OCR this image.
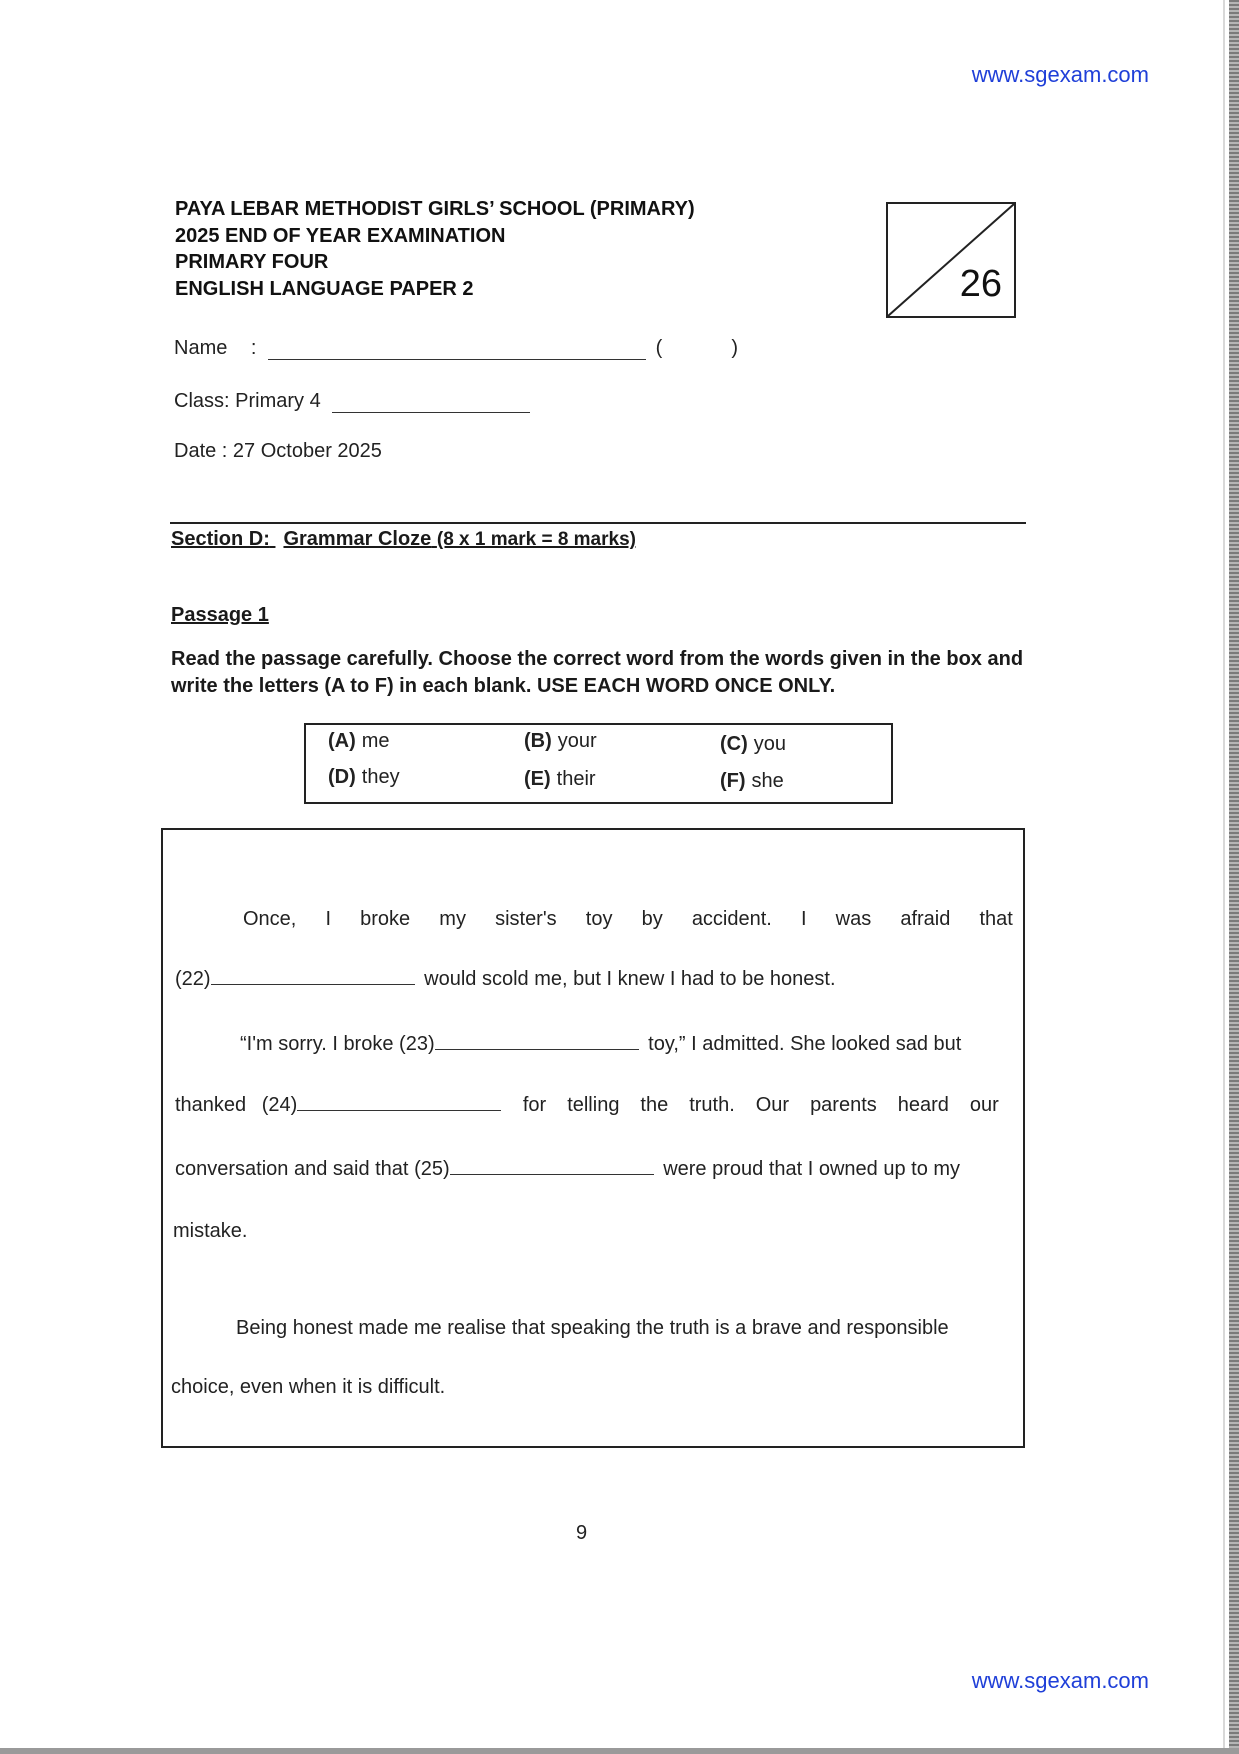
www.sgexam.com
PAYA LEBAR METHODIST GIRLS’ SCHOOL (PRIMARY)
2025 END OF YEAR EXAMINATION
PRIMARY FOUR
ENGLISH LANGUAGE PAPER 2	26
Name :	(	)
Class: Primary 4
Date : 27 October 2025
Section D: Grammar Cloze (8 x 1 mark = 8 marks)
Passage 1
Read the passage carefully. Choose the correct word from the words given in the box and write the letters (A to F) in each blank. USE EACH WORD ONCE ONLY.
(A) me	(B) your	(C) you
(D) they	(E) their	(F) she
Once, I broke my sister's toy by accident. I was afraid that
(22)	would scold me, but I knew I had to be honest.
“I'm sorry. I broke (23)	toy,” I admitted. She looked sad but
thanked (24)	for telling the truth. Our parents heard our
conversation and said that (25)	were proud that I owned up to my
mistake.
Being honest made me realise that speaking the truth is a brave and responsible
choice, even when it is difficult.
9
www.sgexam.com
